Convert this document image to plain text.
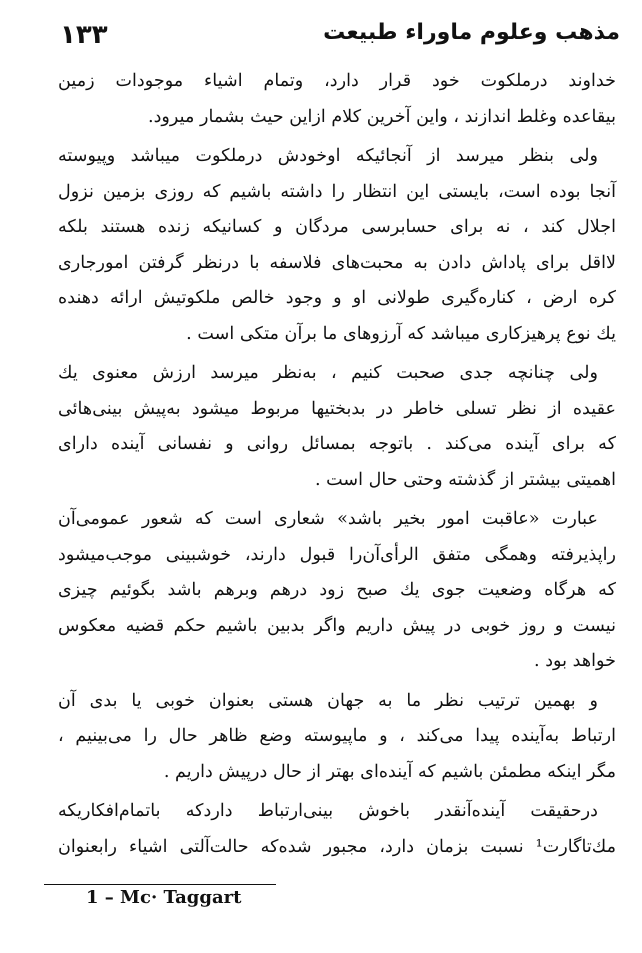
مذهب وعلوم ماوراء طبیعت
۱۳۳
خداوند درملکوت خود قرار دارد، وتمام اشیاء موجودات زمین
بیقاعده وغلط اندازند ، واین آخرین کلام ازاین حیث بشمار میرود.
ولی بنظر میرسد از آنجائیکه اوخودش درملکوت میباشد وپیوسته
آنجا بوده است، بایستی این انتظار را داشته باشیم که روزی بزمین نزول
اجلال کند ، نه برای حسابرسی مردگان و کسانیکه زنده هستند بلکه
لااقل برای پاداش دادن به محبت‌های فلاسفه با درنظر گرفتن امورجاری
کره ارض ، کناره‌گیری طولانی او و وجود خالص ملکوتیش ارائه دهنده
یك نوع پرهیزکاری میباشد که آرزوهای ما برآن متکی است .
ولی چنانچه جدی صحبت کنیم ، به‌نظر میرسد ارزش معنوی یك
عقیده از نظر تسلی خاطر در بدبختیها مربوط میشود به‌پیش بینی‌هائی
که برای آینده می‌کند . باتوجه بمسائل روانی و نفسانی آینده دارای
اهمیتی بیشتر از گذشته وحتی حال است .
عبارت «عاقبت امور بخیر باشد» شعاری است که شعور عمومی‌آن
راپذیرفته وهمگی متفق الرأی‌آن‌را قبول دارند، خوشبینی موجب‌میشود
که هرگاه وضعیت جوی یك صبح زود درهم وبرهم باشد بگوئیم چیزی
نیست و روز خوبی در پیش داریم واگر بدبین باشیم حکم قضیه معکوس
خواهد بود .
و بهمین ترتیب نظر ما به جهان هستی بعنوان خوبی یا بدی آن
ارتباط به‌آینده پیدا می‌کند ، و ماپیوسته وضع ظاهر حال را می‌بینیم ،
مگر اینکه مطمئن باشیم که آینده‌ای بهتر از حال درپیش داریم .
درحقیقت آینده‌آنقدر باخوش بینی‌ارتباط دارد‌که با‌تمام‌افکاریکه
مك‌تاگارت¹ نسبت بزمان دارد، مجبور شده‌که حالت‌آلتی اشیاء رابعنوان
1 – Mc· Taggart
